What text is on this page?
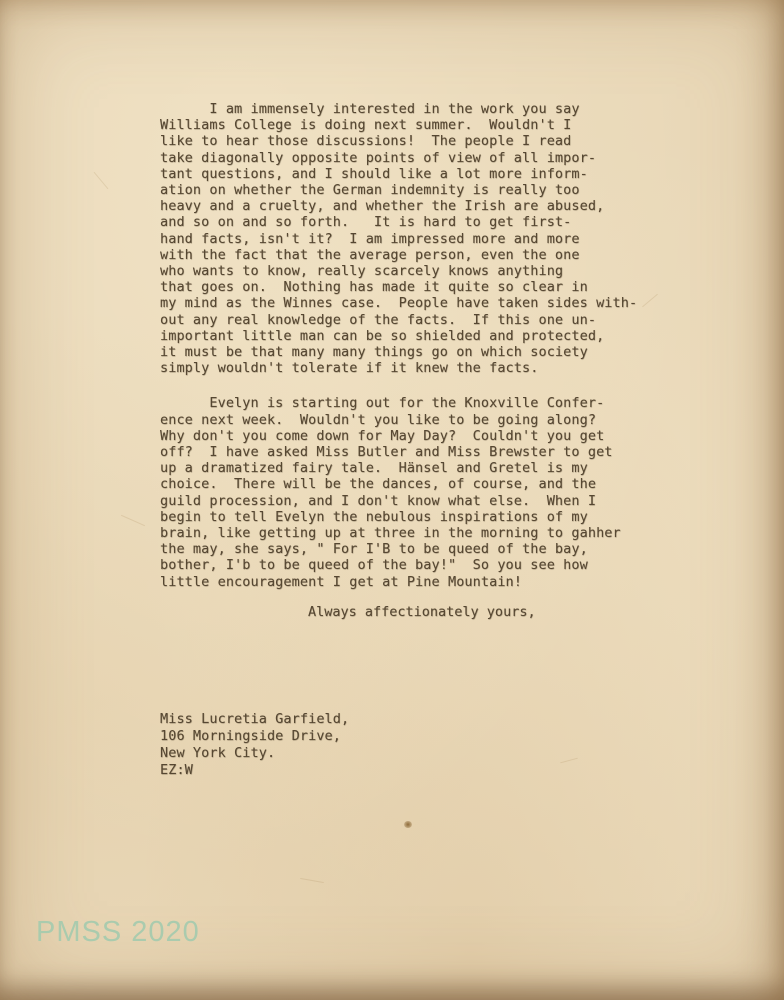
I am immensely interested in the work you say
Williams College is doing next summer.  Wouldn't I
like to hear those discussions!  The people I read
take diagonally opposite points of view of all impor-
tant questions, and I should like a lot more inform-
ation on whether the German indemnity is really too
heavy and a cruelty, and whether the Irish are abused,
and so on and so forth.   It is hard to get first-
hand facts, isn't it?  I am impressed more and more
with the fact that the average person, even the one
who wants to know, really scarcely knows anything
that goes on.  Nothing has made it quite so clear in
my mind as the Winnes case.  People have taken sides with-
out any real knowledge of the facts.  If this one un-
important little man can be so shielded and protected,
it must be that many many things go on which society
simply wouldn't tolerate if it knew the facts.
Evelyn is starting out for the Knoxville Confer-
ence next week.  Wouldn't you like to be going along?
Why don't you come down for May Day?  Couldn't you get
off?  I have asked Miss Butler and Miss Brewster to get
up a dramatized fairy tale.  Hänsel and Gretel is my
choice.  There will be the dances, of course, and the
guild procession, and I don't know what else.  When I
begin to tell Evelyn the nebulous inspirations of my
brain, like getting up at three in the morning to gahher
the may, she says, " For I'B to be queed of the bay,
bother, I'b to be queed of the bay!"  So you see how
little encouragement I get at Pine Mountain!
Always affectionately yours,
Miss Lucretia Garfield,
106 Morningside Drive,
New York City.
EZ:W
PMSS 2020
